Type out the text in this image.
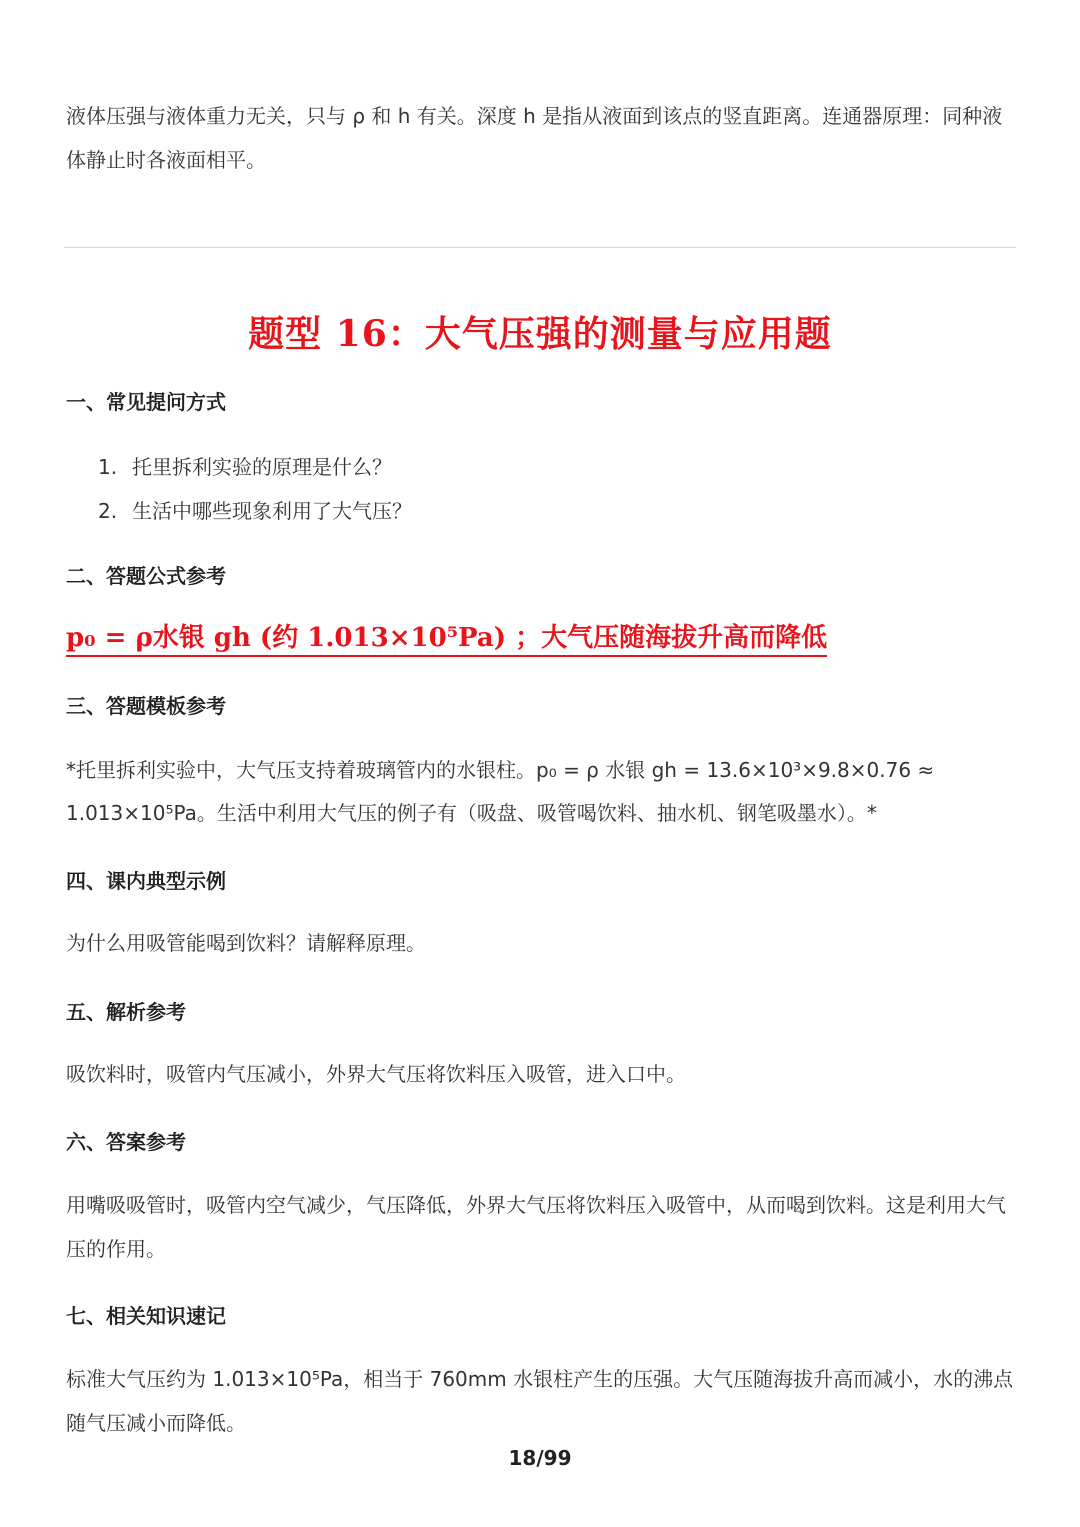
液体压强与液体重力无关，只与 ρ 和 h 有关。深度 h 是指从液面到该点的竖直距离。连通器原理：同种液体静止时各液面相平。

题型 16：大气压强的测量与应用题
一、常见提问方式
1. 托里拆利实验的原理是什么？
2. 生活中哪些现象利用了大气压？
二、答题公式参考
p₀ = ρ水银 gh (约 1.013×10⁵Pa) ；大气压随海拔升高而降低
三、答题模板参考

*托里拆利实验中，大气压支持着玻璃管内的水银柱。p₀ = ρ 水银 gh = 13.6×10³×9.8×0.76 ≈

1.013×10⁵Pa。生活中利用大气压的例子有（吸盘、吸管喝饮料、抽水机、钢笔吸墨水）。*

四、课内典型示例

为什么用吸管能喝到饮料？请解释原理。

五、解析参考

吸饮料时，吸管内气压减小，外界大气压将饮料压入吸管，进入口中。

六、答案参考

用嘴吸吸管时，吸管内空气减少，气压降低，外界大气压将饮料压入吸管中，从而喝到饮料。这是利用大气压的作用。

七、相关知识速记

标准大气压约为 1.013×10⁵Pa，相当于 760mm 水银柱产生的压强。大气压随海拔升高而减小，水的沸点随气压减小而降低。

18/99
